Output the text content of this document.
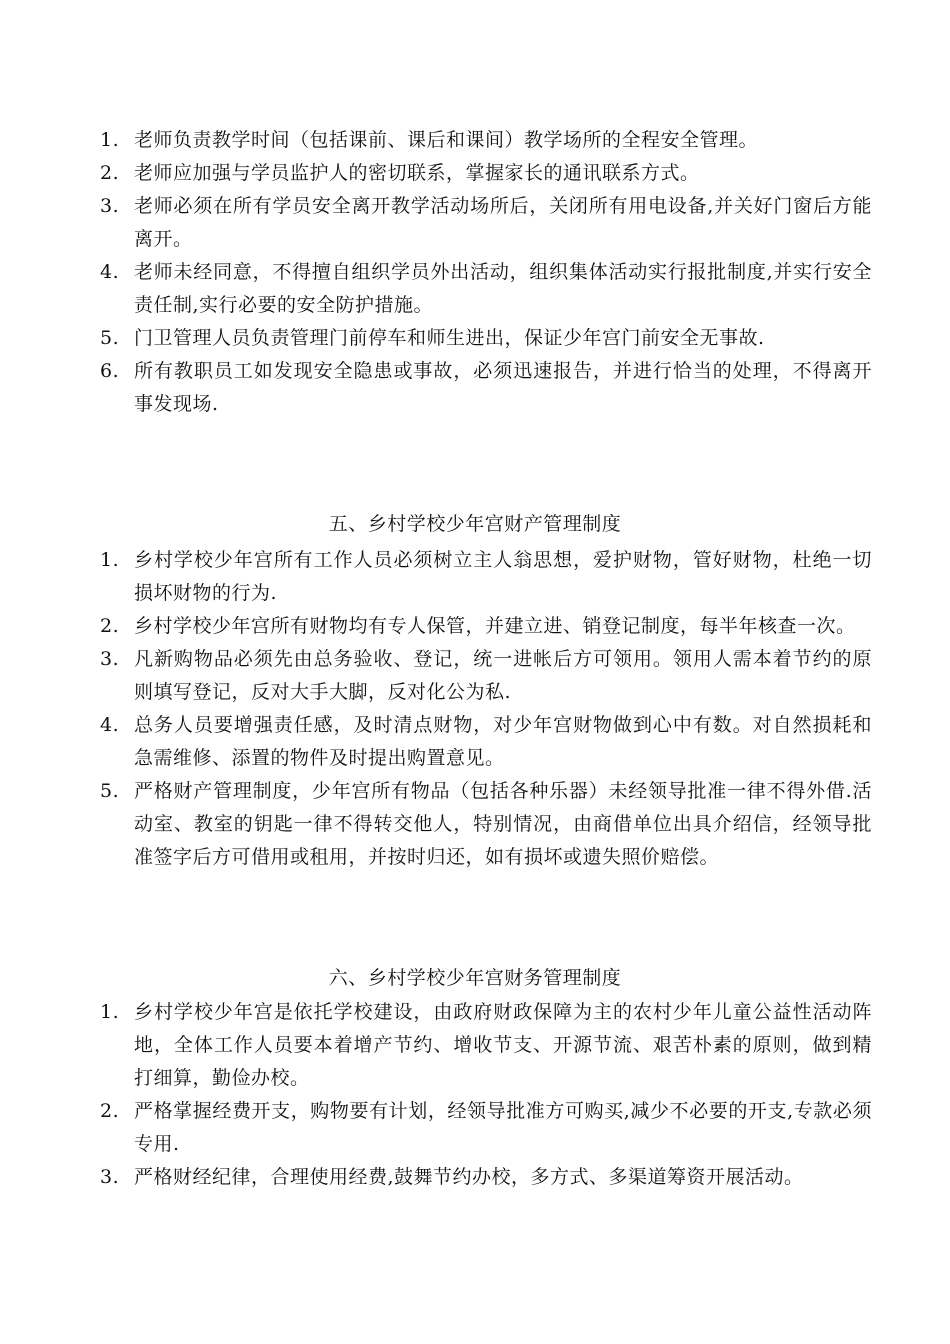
1. 老师负责教学时间（包括课前、课后和课间）教学场所的全程安全管理。
2. 老师应加强与学员监护人的密切联系，掌握家长的通讯联系方式。
3. 老师必须在所有学员安全离开教学活动场所后，关闭所有用电设备,并关好门窗后方能离开。
4. 老师未经同意，不得擅自组织学员外出活动，组织集体活动实行报批制度,并实行安全责任制,实行必要的安全防护措施。
5. 门卫管理人员负责管理门前停车和师生进出，保证少年宫门前安全无事故.
6. 所有教职员工如发现安全隐患或事故，必须迅速报告，并进行恰当的处理，不得离开事发现场.
五、乡村学校少年宫财产管理制度
1. 乡村学校少年宫所有工作人员必须树立主人翁思想，爱护财物，管好财物，杜绝一切损坏财物的行为.
2. 乡村学校少年宫所有财物均有专人保管，并建立进、销登记制度，每半年核查一次。
3. 凡新购物品必须先由总务验收、登记，统一进帐后方可领用。领用人需本着节约的原则填写登记，反对大手大脚，反对化公为私.
4. 总务人员要增强责任感，及时清点财物，对少年宫财物做到心中有数。对自然损耗和急需维修、添置的物件及时提出购置意见。
5. 严格财产管理制度，少年宫所有物品（包括各种乐器）未经领导批准一律不得外借.活动室、教室的钥匙一律不得转交他人，特别情况，由商借单位出具介绍信，经领导批准签字后方可借用或租用，并按时归还，如有损坏或遗失照价赔偿。
六、乡村学校少年宫财务管理制度
1. 乡村学校少年宫是依托学校建设，由政府财政保障为主的农村少年儿童公益性活动阵地，全体工作人员要本着增产节约、增收节支、开源节流、艰苦朴素的原则，做到精打细算，勤俭办校。
2. 严格掌握经费开支，购物要有计划，经领导批准方可购买,减少不必要的开支,专款必须专用.
3. 严格财经纪律，合理使用经费,鼓舞节约办校，多方式、多渠道筹资开展活动。
